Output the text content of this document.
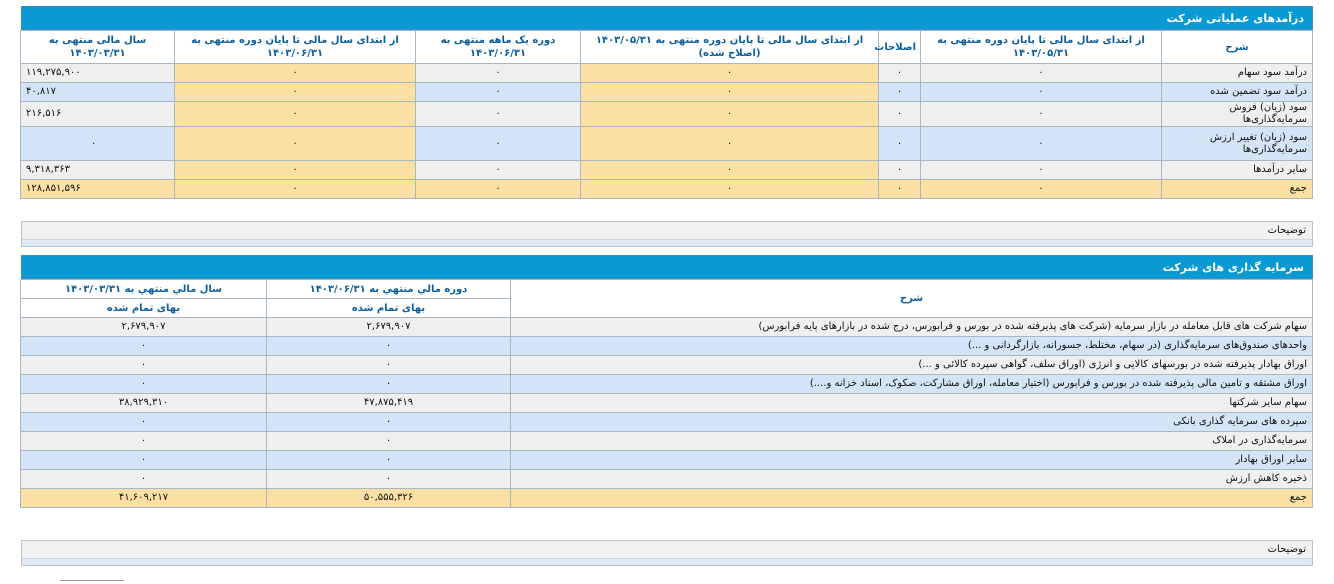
درآمدهای عملیاتی شرکت
شرح	از ابتدای سال مالی تا پایان دوره منتهی به ۱۴۰۳/۰۵/۳۱	اصلاحات	از ابتدای سال مالی تا پایان دوره منتهی به ۱۴۰۳/۰۵/۳۱ (اصلاح شده)	دوره یک ماهه منتهی به ۱۴۰۳/۰۶/۳۱	از ابتدای سال مالی تا پایان دوره منتهی به ۱۴۰۳/۰۶/۳۱	سال مالی منتهی به ۱۴۰۳/۰۳/۳۱
درآمد سود سهام	۰	۰	۰	۰	۰	۱۱۹,۲۷۵,۹۰۰
درآمد سود تضمین شده	۰	۰	۰	۰	۰	۴۰,۸۱۷
سود (زیان) فروش سرمایه‌گذاری‌ها	۰	۰	۰	۰	۰	۲۱۶,۵۱۶
سود (زیان) تغییر ارزش سرمایه‌گذاری‌ها	۰	۰	۰	۰	۰	۰
سایر درآمدها	۰	۰	۰	۰	۰	۹,۳۱۸,۳۶۳
جمع	۰	۰	۰	۰	۰	۱۲۸,۸۵۱,۵۹۶
توضیحات
سرمایه گذاری های شرکت
شرح	دوره مالي منتهي به ۱۴۰۳/۰۶/۳۱	سال مالي منتهي به ۱۴۰۳/۰۳/۳۱
	بهای تمام شده	بهای تمام شده
سهام شرکت های قابل معامله در بازار سرمایه (شرکت های پذیرفته شده در بورس و فرابورس، درج شده در بازارهای پایه فرابورس)	۲,۶۷۹,۹۰۷	۲,۶۷۹,۹۰۷
واحدهای صندوق‌های سرمایه‌گذاری (در سهام، مختلط، جسورانه، بازارگردانی و ...)	۰	۰
اوراق بهادار پذیرفته شده در بورسهای کالایی و انرژی (اوراق سلف، گواهی سپرده کالائی و ...)	۰	۰
اوراق مشتقه و تامین مالی پذیرفته شده در بورس و فرابورس (اختیار معامله، اوراق مشارکت، صکوک، اسناد خزانه و....)	۰	۰
سهام سایر شرکتها	۴۷,۸۷۵,۴۱۹	۳۸,۹۲۹,۳۱۰
سپرده های سرمایه گذاری بانکی	۰	۰
سرمایه‌گذاری در املاک	۰	۰
سایر اوراق بهادار	۰	۰
ذخیره کاهش ارزش	۰	۰
جمع	۵۰,۵۵۵,۳۲۶	۴۱,۶۰۹,۲۱۷
توضیحات
